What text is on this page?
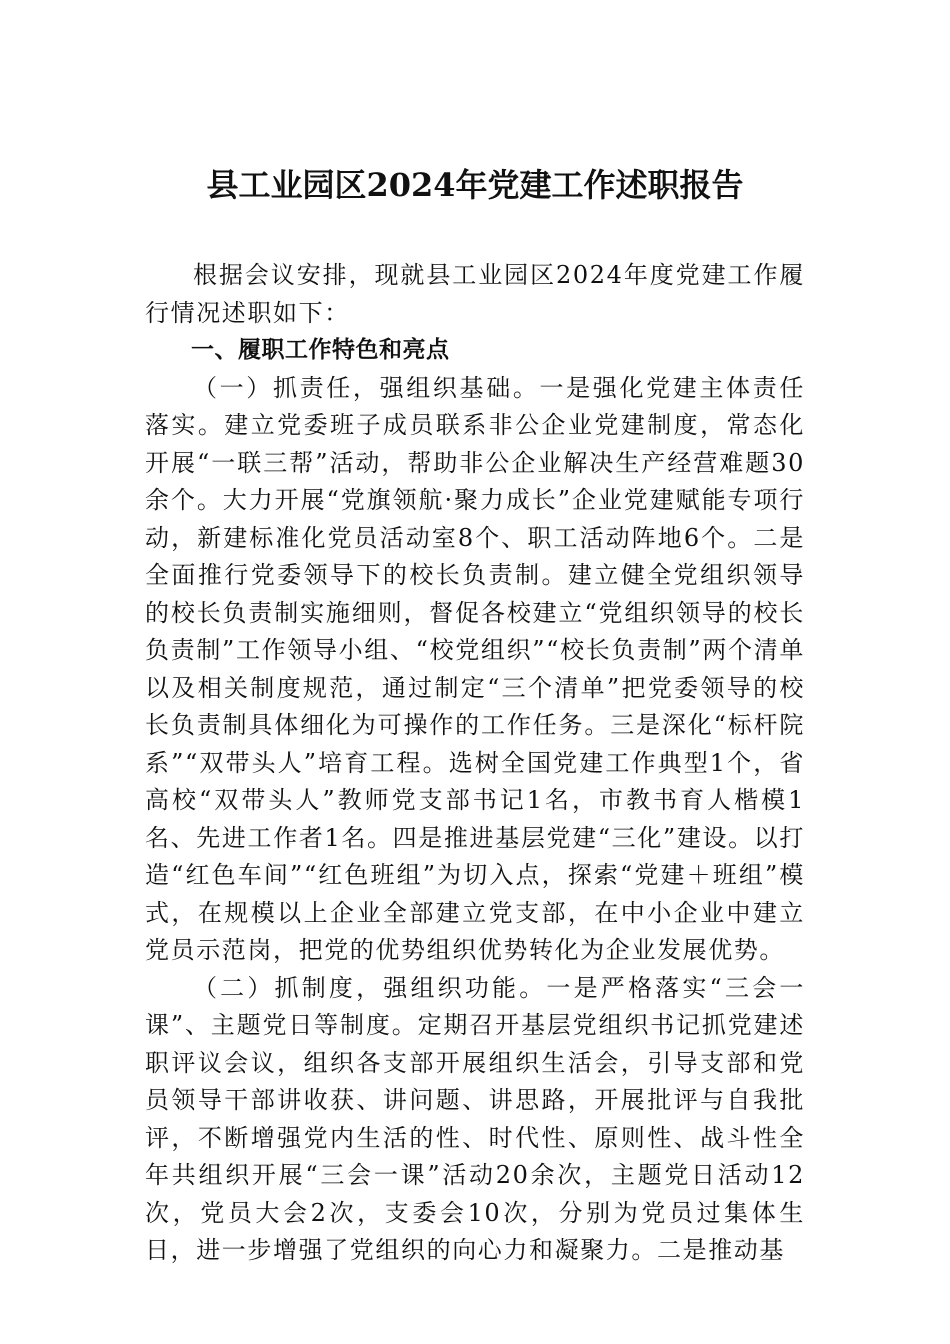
县工业园区2024年党建工作述职报告

根据会议安排，现就县工业园区2024年度党建工作履行情况述职如下：

一、履职工作特色和亮点

（一）抓责任，强组织基础。一是强化党建主体责任落实。建立党委班子成员联系非公企业党建制度，常态化开展“一联三帮”活动，帮助非公企业解决生产经营难题30余个。大力开展“党旗领航·聚力成长”企业党建赋能专项行动，新建标准化党员活动室8个、职工活动阵地6个。二是全面推行党委领导下的校长负责制。建立健全党组织领导的校长负责制实施细则，督促各校建立“党组织领导的校长负责制”工作领导小组、“校党组织”“校长负责制”两个清单以及相关制度规范，通过制定“三个清单”把党委领导的校长负责制具体细化为可操作的工作任务。三是深化“标杆院系”“双带头人”培育工程。选树全国党建工作典型1个，省高校“双带头人”教师党支部书记1名，市教书育人楷模1名、先进工作者1名。四是推进基层党建“三化”建设。以打造“红色车间”“红色班组”为切入点，探索“党建＋班组”模式，在规模以上企业全部建立党支部，在中小企业中建立党员示范岗，把党的优势组织优势转化为企业发展优势。

（二）抓制度，强组织功能。一是严格落实“三会一课”、主题党日等制度。定期召开基层党组织书记抓党建述职评议会议，组织各支部开展组织生活会，引导支部和党员领导干部讲收获、讲问题、讲思路，开展批评与自我批评，不断增强党内生活的性、时代性、原则性、战斗性全年共组织开展“三会一课”活动20余次，主题党日活动12次，党员大会2次，支委会10次，分别为党员过集体生日，进一步增强了党组织的向心力和凝聚力。二是推动基
